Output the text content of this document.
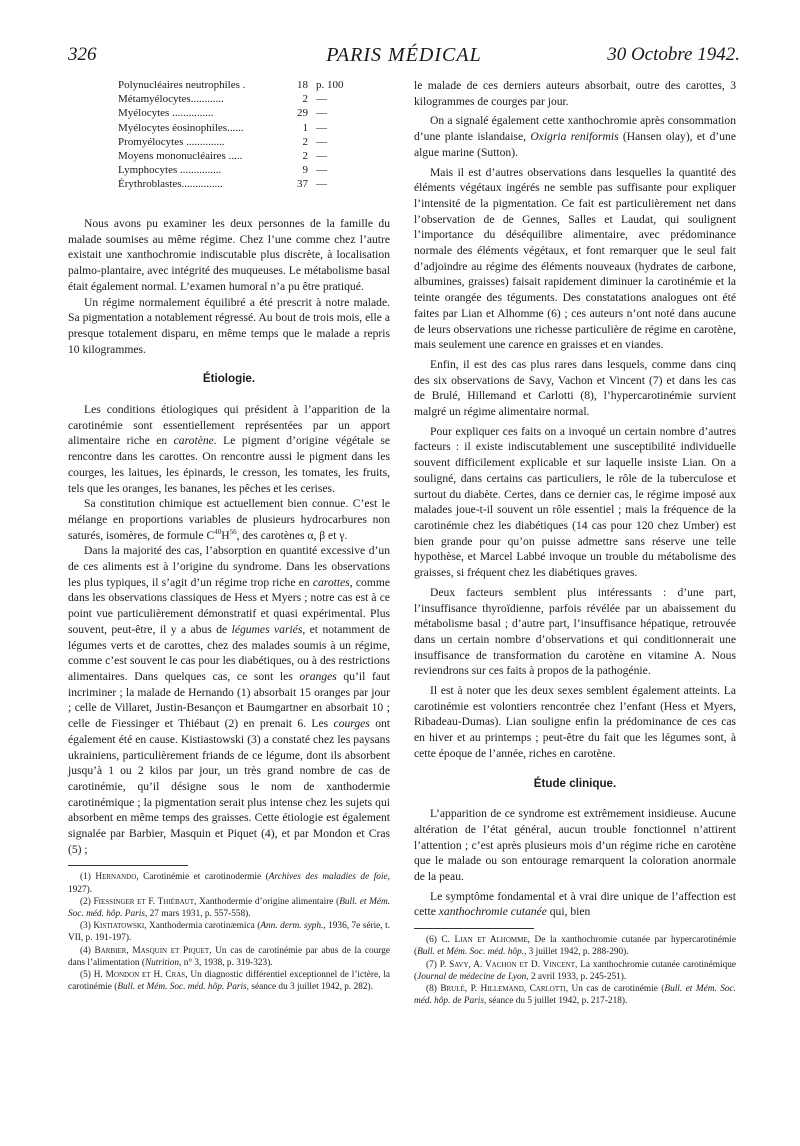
326	PARIS MÉDICAL	30 Octobre 1942.
Polynucléaires neutrophiles .	18	p. 100
Métamyélocytes............	2	—
Myélocytes ...............	29	—
Myélocytes éosinophiles......	1	—
Promyélocytes ..............	2	—
Moyens mononucléaires .....	2	—
Lymphocytes ...............	9	—
Érythroblastes...............	37	—

Nous avons pu examiner les deux personnes de la famille du malade soumises au même régime. Chez l’une comme chez l’autre existait une xanthochromie indiscutable plus discrète, à localisation palmo-plantaire, avec intégrité des muqueuses. Le métabolisme basal était également normal. L’examen humoral n’a pu être pratiqué.

Un régime normalement équilibré a été prescrit à notre malade. Sa pigmentation a notablement régressé. Au bout de trois mois, elle a presque totalement disparu, en même temps que le malade a repris 10 kilogrammes.

Étiologie.

Les conditions étiologiques qui président à l’apparition de la carotinémie sont essentiellement représentées par un apport alimentaire riche en carotène. Le pigment d’origine végétale se rencontre dans les carottes. On rencontre aussi le pigment dans les courges, les laitues, les épinards, le cresson, les tomates, les fruits, tels que les oranges, les bananes, les pêches et les cerises.

Sa constitution chimique est actuellement bien connue. C’est le mélange en proportions variables de plusieurs hydrocarbures non saturés, isomères, de formule $C^{40}H^{56}$, des carotènes α, β et γ.

Dans la majorité des cas, l’absorption en quantité excessive d’un de ces aliments est à l’origine du syndrome. Dans les observations les plus typiques, il s’agit d’un régime trop riche en carottes, comme dans les observations classiques de Hess et Myers ; notre cas est à ce point vue particulièrement démonstratif et quasi expérimental. Plus souvent, peut-être, il y a abus de légumes variés, et notamment de légumes verts et de carottes, chez des malades soumis à un régime, comme c’est souvent le cas pour les diabétiques, ou à des restrictions alimentaires. Dans quelques cas, ce sont les oranges qu’il faut incriminer ; la malade de Hernando (1) absorbait 15 oranges par jour ; celle de Villaret, Justin-Besançon et Baumgartner en absorbait 10 ; celle de Fiessinger et Thiébaut (2) en prenait 6. Les courges ont également été en cause. Kistiastowski (3) a constaté chez les paysans ukrainiens, particulièrement friands de ce légume, dont ils absorbent jusqu’à 1 ou 2 kilos par jour, un très grand nombre de cas de carotinémie, qu’il désigne sous le nom de xanthodermie carotinémique ; la pigmentation serait plus intense chez les sujets qui absorbent en même temps des graisses. Cette étiologie est également signalée par Barbier, Masquin et Piquet (4), et par Mondon et Cras (5) ;

(1) Hernando, Carotinémie et carotinodermie (Archives des maladies de foie, 1927).

(2) Fiessinger et F. Thiébaut, Xanthodermie d’origine alimentaire (Bull. et Mém. Soc. méd. hôp. Paris, 27 mars 1931, p. 557-558).

(3) Kistiatowski, Xanthodermia carotinæmica (Ann. derm. syph., 1936, 7e série, t. VII, p. 191-197).

(4) Barbier, Masquin et Piquet, Un cas de carotinémie par abus de la courge dans l’alimentation (Nutrition, n° 3, 1938, p. 319-323).

(5) H. Mondon et H. Cras, Un diagnostic différentiel exceptionnel de l’ictère, la carotinémie (Bull. et Mém. Soc. méd. hôp. Paris, séance du 3 juillet 1942, p. 282).

le malade de ces derniers auteurs absorbait, outre des carottes, 3 kilogrammes de courges par jour.

On a signalé également cette xanthochromie après consommation d’une plante islandaise, Oxigria reniformis (Hansen olay), et d’une algue marine (Sutton).

Mais il est d’autres observations dans lesquelles la quantité des éléments végétaux ingérés ne semble pas suffisante pour expliquer l’intensité de la pigmentation. Ce fait est particulièrement net dans l’observation de de Gennes, Salles et Laudat, qui soulignent l’importance du déséquilibre alimentaire, avec prédominance normale des éléments végétaux, et font remarquer que le seul fait d’adjoindre au régime des éléments nouveaux (hydrates de carbone, albumines, graisses) faisait rapidement diminuer la carotinémie et la teinte orangée des téguments. Des constatations analogues ont été faites par Lian et Alhomme (6) ; ces auteurs n’ont noté dans aucune de leurs observations une richesse particulière de régime en carotène, mais seulement une carence en graisses et en viandes.

Enfin, il est des cas plus rares dans lesquels, comme dans cinq des six observations de Savy, Vachon et Vincent (7) et dans les cas de Brulé, Hillemand et Carlotti (8), l’hypercarotinémie survient malgré un régime alimentaire normal.

Pour expliquer ces faits on a invoqué un certain nombre d’autres facteurs : il existe indiscutablement une susceptibilité individuelle souvent difficilement explicable et sur laquelle insiste Lian. On a souligné, dans certains cas particuliers, le rôle de la tuberculose et surtout du diabète. Certes, dans ce dernier cas, le régime imposé aux malades joue-t-il souvent un rôle essentiel ; mais la fréquence de la carotinémie chez les diabétiques (14 cas pour 120 chez Umber) est bien grande pour qu’on puisse admettre sans réserve une telle hypothèse, et Marcel Labbé invoque un trouble du métabolisme des graisses, si fréquent chez les diabétiques graves.

Deux facteurs semblent plus intéressants : d’une part, l’insuffisance thyroïdienne, parfois révélée par un abaissement du métabolisme basal ; d’autre part, l’insuffisance hépatique, retrouvée dans un certain nombre d’observations et qui conditionnerait une insuffisance de transformation du carotène en vitamine A. Nous reviendrons sur ces faits à propos de la pathogénie.

Il est à noter que les deux sexes semblent également atteints. La carotinémie est volontiers rencontrée chez l’enfant (Hess et Myers, Ribadeau-Dumas). Lian souligne enfin la prédominance de ces cas en hiver et au printemps ; peut-être du fait que les légumes sont, à cette époque de l’année, riches en carotène.

Étude clinique.

L’apparition de ce syndrome est extrêmement insidieuse. Aucune altération de l’état général, aucun trouble fonctionnel n’attirent l’attention ; c’est après plusieurs mois d’un régime riche en carotène que le malade ou son entourage remarquent la coloration anormale de la peau.

Le symptôme fondamental et à vrai dire unique de l’affection est cette xanthochromie cutanée qui, bien

(6) C. Lian et Alhomme, De la xanthochromie cutanée par hypercarotinémie (Bull. et Mém. Soc. méd. hôp., 3 juillet 1942, p. 288-290).

(7) P. Savy, A. Vachon et D. Vincent, La xanthochromie cutanée carotinémique (Journal de médecine de Lyon, 2 avril 1933, p. 245-251).

(8) Brulé, P. Hillemand, Carlotti, Un cas de carotinémie (Bull. et Mém. Soc. méd. hôp. de Paris, séance du 5 juillet 1942, p. 217-218).
